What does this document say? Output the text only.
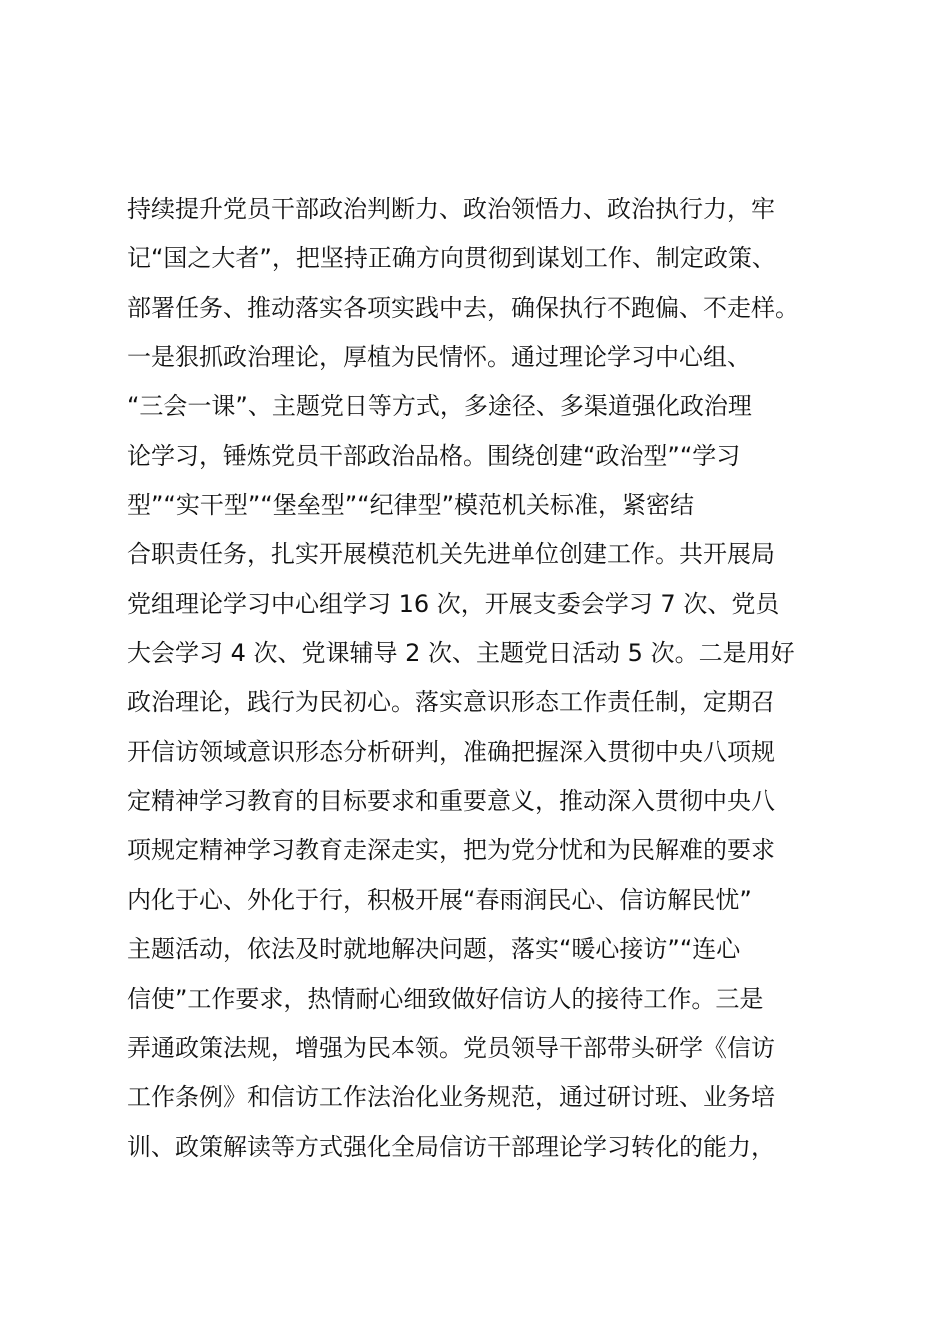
持续提升党员干部政治判断力、政治领悟力、政治执行力，牢
记“国之大者”，把坚持正确方向贯彻到谋划工作、制定政策、
部署任务、推动落实各项实践中去，确保执行不跑偏、不走样。
一是狠抓政治理论，厚植为民情怀。通过理论学习中心组、
“三会一课”、主题党日等方式，多途径、多渠道强化政治理
论学习，锤炼党员干部政治品格。围绕创建“政治型”“学习
型”“实干型”“堡垒型”“纪律型”模范机关标准，紧密结
合职责任务，扎实开展模范机关先进单位创建工作。共开展局
党组理论学习中心组学习 16 次，开展支委会学习 7 次、党员
大会学习 4 次、党课辅导 2 次、主题党日活动 5 次。二是用好
政治理论，践行为民初心。落实意识形态工作责任制，定期召
开信访领域意识形态分析研判，准确把握深入贯彻中央八项规
定精神学习教育的目标要求和重要意义，推动深入贯彻中央八
项规定精神学习教育走深走实，把为党分忧和为民解难的要求
内化于心、外化于行，积极开展“春雨润民心、信访解民忧”
主题活动，依法及时就地解决问题，落实“暖心接访”“连心
信使”工作要求，热情耐心细致做好信访人的接待工作。三是
弄通政策法规，增强为民本领。党员领导干部带头研学《信访
工作条例》和信访工作法治化业务规范，通过研讨班、业务培
训、政策解读等方式强化全局信访干部理论学习转化的能力，
